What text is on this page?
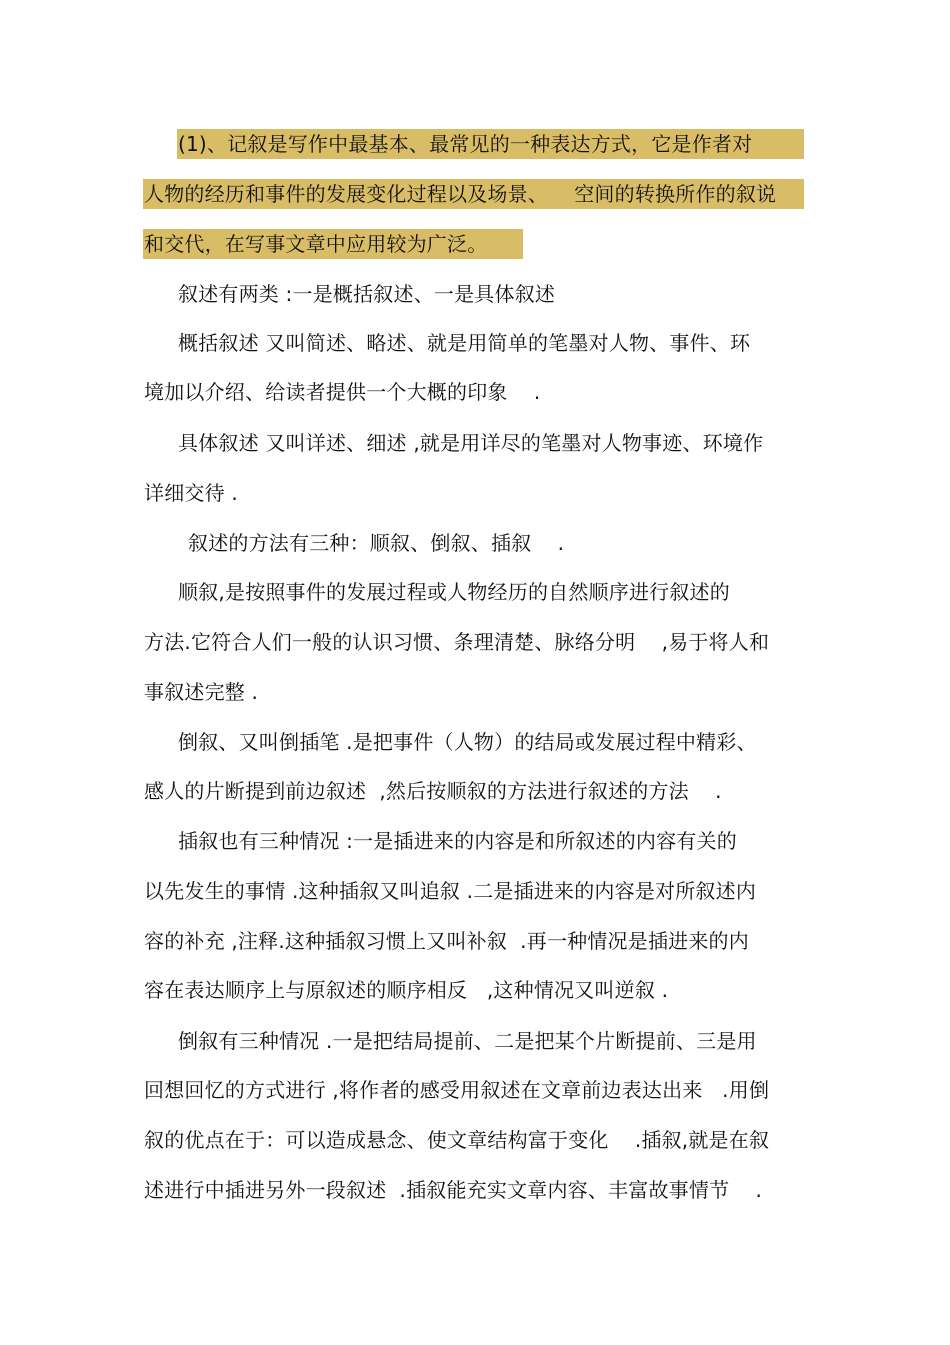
(1)、记叙是写作中最基本、最常见的一种表达方式，它是作者对
人物的经历和事件的发展变化过程以及场景、    空间的转换所作的叙说
和交代，在写事文章中应用较为广泛。
叙述有两类 :一是概括叙述、一是具体叙述
概括叙述 又叫简述、略述、就是用简单的笔墨对人物、事件、环
境加以介绍、给读者提供一个大概的印象    .
具体叙述 又叫详述、细述 ,就是用详尽的笔墨对人物事迹、环境作
详细交待 .
叙述的方法有三种：顺叙、倒叙、插叙    .
顺叙,是按照事件的发展过程或人物经历的自然顺序进行叙述的
方法.它符合人们一般的认识习惯、条理清楚、脉络分明    ,易于将人和
事叙述完整 .
倒叙、又叫倒插笔 .是把事件（人物）的结局或发展过程中精彩、
感人的片断提到前边叙述  ,然后按顺叙的方法进行叙述的方法    .
插叙也有三种情况 :一是插进来的内容是和所叙述的内容有关的
以先发生的事情 .这种插叙又叫追叙 .二是插进来的内容是对所叙述内
容的补充 ,注释.这种插叙习惯上又叫补叙  .再一种情况是插进来的内
容在表达顺序上与原叙述的顺序相反   ,这种情况又叫逆叙 .
倒叙有三种情况 .一是把结局提前、二是把某个片断提前、三是用
回想回忆的方式进行 ,将作者的感受用叙述在文章前边表达出来   .用倒
叙的优点在于：可以造成悬念、使文章结构富于变化    .插叙,就是在叙
述进行中插进另外一段叙述  .插叙能充实文章内容、丰富故事情节    .
